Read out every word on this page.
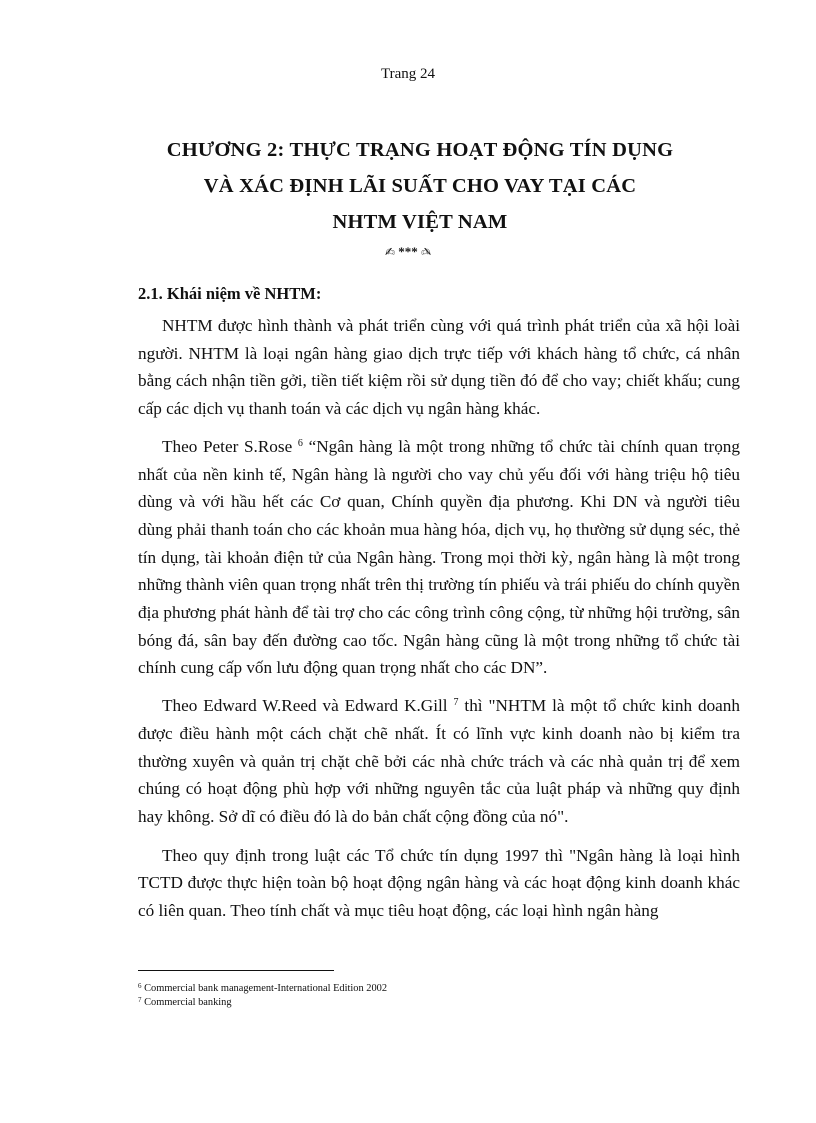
Trang 24
CHƯƠNG 2: THỰC TRẠNG HOẠT ĐỘNG TÍN DỤNG
VÀ XÁC ĐỊNH LÃI SUẤT CHO VAY TẠI CÁC
NHTM VIỆT NAM
✍ *** ✍
2.1. Khái niệm về NHTM:

NHTM được hình thành và phát triển cùng với quá trình phát triển của xã hội loài người. NHTM là loại ngân hàng giao dịch trực tiếp với khách hàng tổ chức, cá nhân bằng cách nhận tiền gởi, tiền tiết kiệm rồi sử dụng tiền đó để cho vay; chiết khấu; cung cấp các dịch vụ thanh toán và các dịch vụ ngân hàng khác.

Theo Peter S.Rose $^6$ “Ngân hàng là một trong những tổ chức tài chính quan trọng nhất của nền kinh tế, Ngân hàng là người cho vay chủ yếu đối với hàng triệu hộ tiêu dùng và với hầu hết các Cơ quan, Chính quyền địa phương. Khi DN và người tiêu dùng phải thanh toán cho các khoản mua hàng hóa, dịch vụ, họ thường sử dụng séc, thẻ tín dụng, tài khoản điện tử của Ngân hàng. Trong mọi thời kỳ, ngân hàng là một trong những thành viên quan trọng nhất trên thị trường tín phiếu và trái phiếu do chính quyền địa phương phát hành để tài trợ cho các công trình công cộng, từ những hội trường, sân bóng đá, sân bay đến đường cao tốc. Ngân hàng cũng là một trong những tổ chức tài chính cung cấp vốn lưu động quan trọng nhất cho các DN”.

Theo Edward W.Reed và Edward K.Gill $^7$ thì "NHTM là một tổ chức kinh doanh được điều hành một cách chặt chẽ nhất. Ít có lĩnh vực kinh doanh nào bị kiểm tra thường xuyên và quản trị chặt chẽ bởi các nhà chức trách và các nhà quản trị để xem chúng có hoạt động phù hợp với những nguyên tắc của luật pháp và những quy định hay không. Sở dĩ có điều đó là do bản chất cộng đồng của nó".

Theo quy định trong luật các Tổ chức tín dụng 1997 thì "Ngân hàng là loại hình TCTD được thực hiện toàn bộ hoạt động ngân hàng và các hoạt động kinh doanh khác có liên quan. Theo tính chất và mục tiêu hoạt động, các loại hình ngân hàng

$^6$ Commercial bank management-International Edition 2002
$^7$ Commercial banking
